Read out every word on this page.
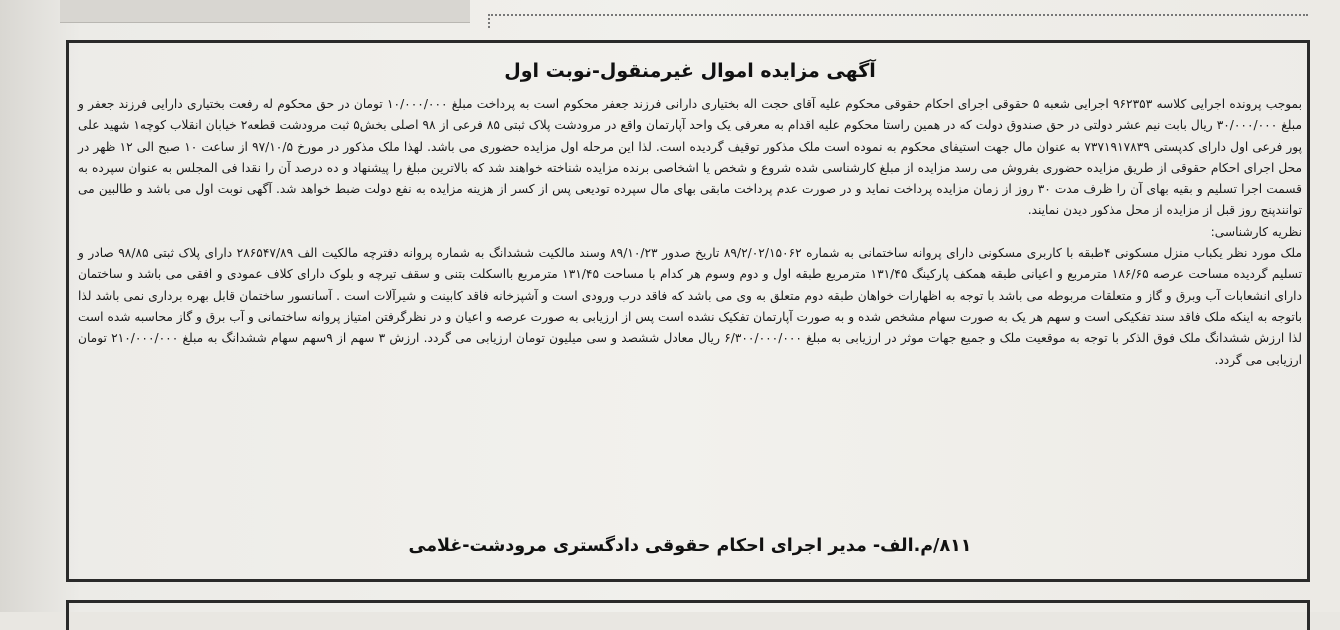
آگهی مزایده اموال غیرمنقول-نوبت اول

بموجب پرونده اجرایی کلاسه ۹۶۲۳۵۳ اجرایی شعبه ۵ حقوقی اجرای احکام حقوقی محکوم علیه آقای حجت اله بختیاری دارانی فرزند جعفر محکوم است به پرداخت مبلغ ۱۰/۰۰۰/۰۰۰ تومان در حق محکوم له رفعت بختیاری دارایی فرزند جعفر و مبلغ ۳۰/۰۰۰/۰۰۰ ریال بابت نیم عشر دولتی در حق صندوق دولت که در همین راستا محکوم علیه اقدام به معرفی یک واحد آپارتمان واقع در مرودشت پلاک ثبتی ۸۵ فرعی از ۹۸ اصلی بخش۵ ثبت مرودشت قطعه۲ خیابان انقلاب کوچه۱ شهید علی پور فرعی اول دارای کدپستی ۷۳۷۱۹۱۷۸۳۹ به عنوان مال جهت استیفای محکوم به نموده است ملک مذکور توقیف گردیده است. لذا این مرحله اول مزایده حضوری می باشد. لهذا ملک مذکور در مورخ ۹۷/۱۰/۵ از ساعت ۱۰ صبح الی ۱۲ ظهر در محل اجرای احکام حقوقی از طریق مزایده حضوری بفروش می رسد مزایده از مبلغ کارشناسی شده شروع و شخص یا اشخاصی برنده مزایده شناخته خواهند شد که بالاترین مبلغ را پیشنهاد و ده درصد آن را نقدا فی المجلس به عنوان سپرده به قسمت اجرا تسلیم و بقیه بهای آن را ظرف مدت ۳۰ روز از زمان مزایده پرداخت نماید و در صورت عدم پرداخت مابقی بهای مال سپرده تودیعی پس از کسر از هزینه مزایده به نفع دولت ضبط خواهد شد. آگهی نوبت اول می باشد و طالبین می توانندپنج روز قبل از مزایده از محل مذکور دیدن نمایند.

نظریه کارشناسی:

ملک مورد نظر یکباب منزل مسکونی ۴طبقه با کاربری مسکونی دارای پروانه ساختمانی به شماره ۸۹/۲/۰۲/۱۵۰۶۲ تاریخ صدور ۸۹/۱۰/۲۳ وسند مالکیت ششدانگ به شماره پروانه دفترچه مالکیت الف ۲۸۶۵۴۷/۸۹ دارای پلاک ثبتی ۹۸/۸۵ صادر و تسلیم گردیده مساحت عرصه ۱۸۶/۶۵ مترمربع و اعیانی طبقه همکف پارکینگ ۱۳۱/۴۵ مترمربع طبقه اول و دوم وسوم هر کدام با مساحت ۱۳۱/۴۵ مترمربع بااسکلت بتنی و سقف تیرچه و بلوک دارای کلاف عمودی و افقی می باشد و ساختمان دارای انشعابات آب وبرق و گاز و متعلقات مربوطه می باشد با توجه به اظهارات خواهان طبقه دوم متعلق به وی می باشد که فاقد درب ورودی است و آشپزخانه فاقد کابینت و شیرآلات است . آسانسور ساختمان قابل بهره برداری نمی باشد لذا باتوجه به اینکه ملک فاقد سند تفکیکی است و سهم هر یک به صورت سهام مشخص شده و به صورت آپارتمان تفکیک نشده است پس از ارزیابی به صورت عرصه و اعیان و در نظرگرفتن امتیاز پروانه ساختمانی و آب برق و گاز محاسبه شده است لذا ارزش ششدانگ ملک فوق الذکر با توجه به موقعیت ملک و جمیع جهات موثر در ارزیابی به مبلغ ۶/۳۰۰/۰۰۰/۰۰۰ ریال معادل ششصد و سی میلیون تومان ارزیابی می گردد. ارزش ۳ سهم از ۹سهم سهام ششدانگ به مبلغ ۲۱۰/۰۰۰/۰۰۰ تومان ارزیابی می گردد.

۸۱۱/م.الف- مدیر اجرای احکام حقوقی دادگستری مرودشت-غلامی
